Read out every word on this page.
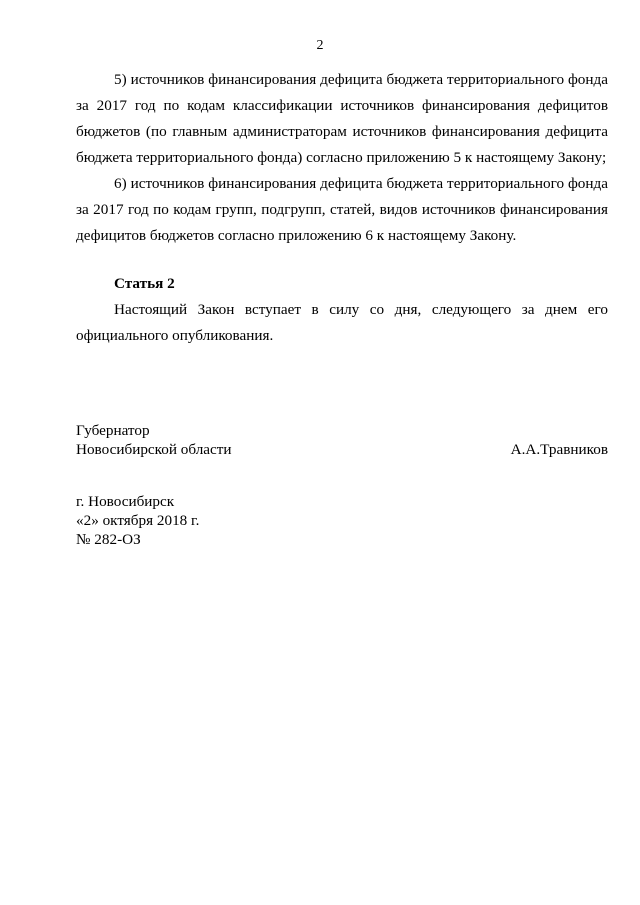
2

5) источников финансирования дефицита бюджета территориального фонда за 2017 год по кодам классификации источников финансирования дефицитов бюджетов (по главным администраторам источников финансирования дефицита бюджета территориального фонда) согласно приложению 5 к настоящему Закону;

6) источников финансирования дефицита бюджета территориального фонда за 2017 год по кодам групп, подгрупп, статей, видов источников финансирования дефицитов бюджетов согласно приложению 6 к настоящему Закону.

Статья 2

Настоящий Закон вступает в силу со дня, следующего за днем его официального опубликования.

Губернатор

Новосибирской области	А.А.Травников

г. Новосибирск

«2» октября 2018 г.

№ 282-ОЗ
